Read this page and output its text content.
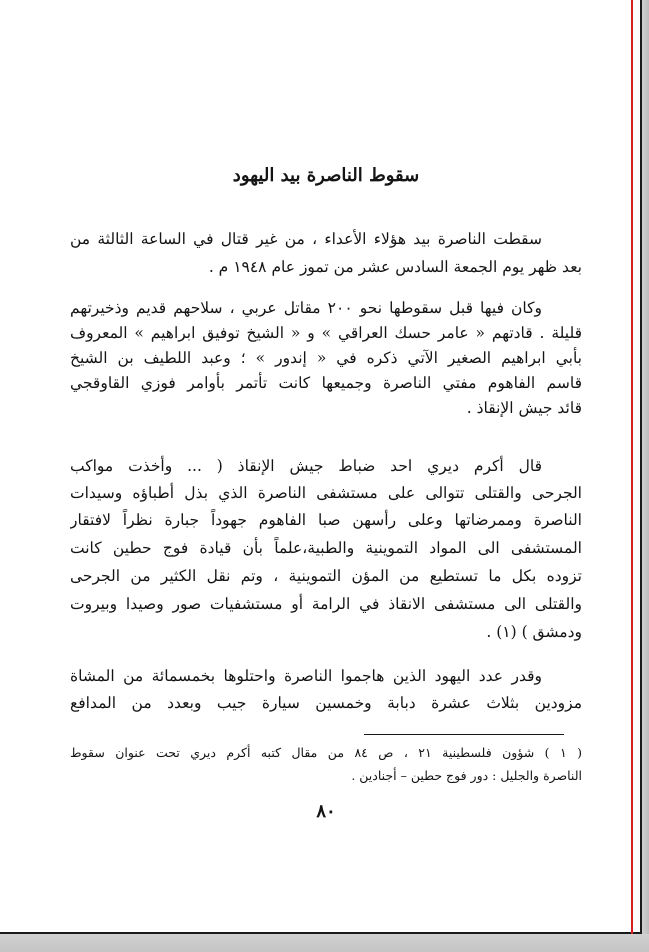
سقوط الناصرة بيد اليهود
سقطت الناصرة بيد هؤلاء الأعداء ، من غير قتال في الساعة الثالثة من
بعد ظهر يوم الجمعة السادس عشر من تموز عام ١٩٤٨ م .
وكان فيها قبل سقوطها نحو ٢٠٠ مقاتل عربي ، سلاحهم قديم وذخيرتهم
قليلة . قادتهم « عامر حسك العراقي » و « الشيخ توفيق ابراهيم » المعروف
بأبي ابراهيم الصغير الآتي ذكره في « إندور » ؛ وعبد اللطيف بن الشيخ
قاسم الفاهوم مفتي الناصرة وجميعها كانت تأتمر بأوامر فوزي القاوقجي
قائد جيش الإنقاذ .
قال أكرم ديري احد ضباط جيش الإنقاذ ( ... وأخذت مواكب
الجرحى والقتلى تتوالى على مستشفى الناصرة الذي بذل أطباؤه وسيدات
الناصرة وممرضاتها وعلى رأسهن صبا الفاهوم جهوداً جبارة نظراً لافتقار
المستشفى الى المواد التموينية والطبية،علماً بأن قيادة فوج حطين كانت
تزوده بكل ما تستطيع من المؤن التموينية ، وتم نقل الكثير من الجرحى
والقتلى الى مستشفى الانقاذ في الرامة أو مستشفيات صور وصيدا وبيروت
ودمشق ) (١) .
وقدر عدد اليهود الذين هاجموا الناصرة واحتلوها بخمسمائة من المشاة
مزودين بثلاث عشرة دبابة وخمسين سيارة جيب وبعدد من المدافع
( ١ ) شؤون فلسطينية ٢١ ، ص ٨٤ من مقال كتبه أكرم ديري تحت عنوان سقوط
الناصرة والجليل : دور فوج حطين – أجنادين .
٨٠
